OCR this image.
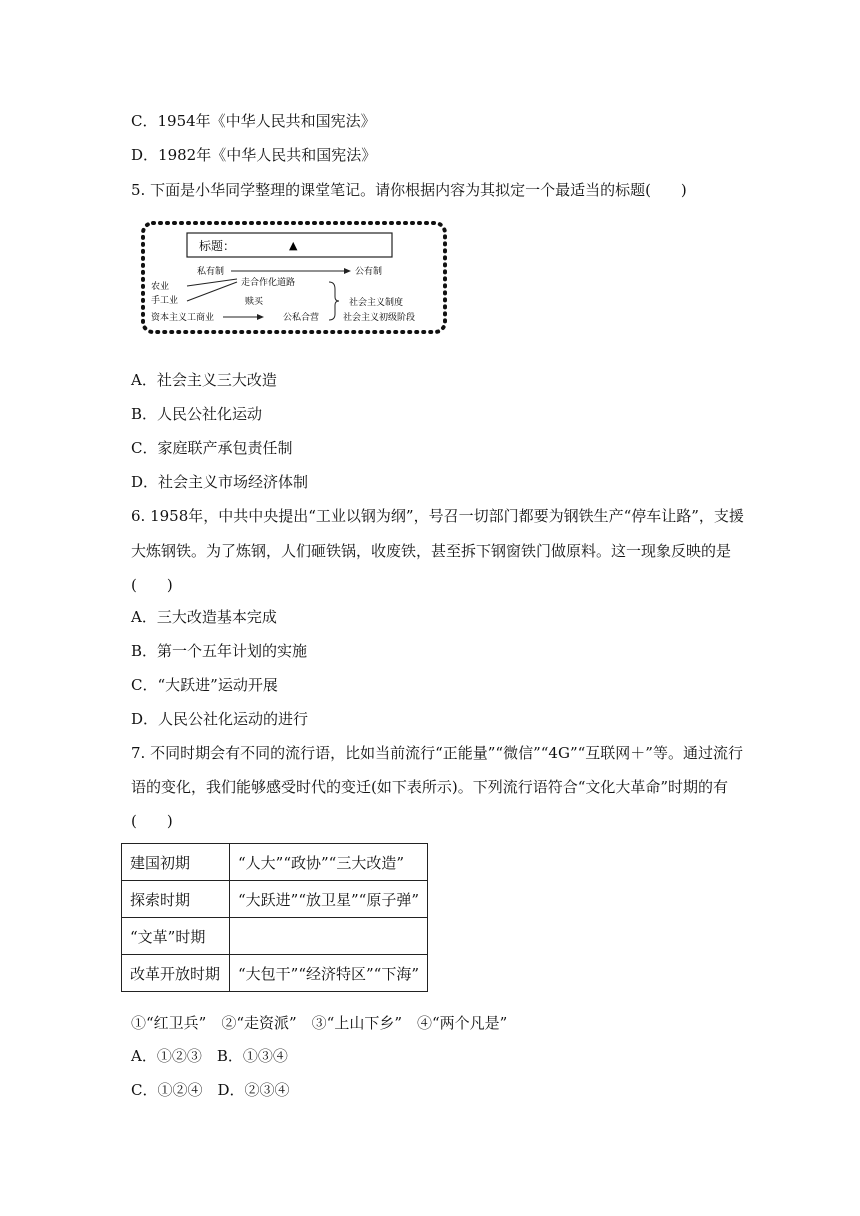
C．1954年《中华人民共和国宪法》
D．1982年《中华人民共和国宪法》
5. 下面是小华同学整理的课堂笔记。请你根据内容为其拟定一个最适当的标题(　　)
标题：	▲
私有制	公有制
农业
手工业
资本主义工商业
走合作化道路
赎买
公私合营
社会主义制度
社会主义初级阶段
A．社会主义三大改造
B．人民公社化运动
C．家庭联产承包责任制
D．社会主义市场经济体制
6. 1958年，中共中央提出“工业以钢为纲”，号召一切部门都要为钢铁生产“停车让路”，支援
大炼钢铁。为了炼钢，人们砸铁锅，收废铁，甚至拆下钢窗铁门做原料。这一现象反映的是
(　　)
A．三大改造基本完成
B．第一个五年计划的实施
C．“大跃进”运动开展
D．人民公社化运动的进行
7. 不同时期会有不同的流行语，比如当前流行“正能量”“微信”“4G”“互联网＋”等。通过流行
语的变化，我们能够感受时代的变迁(如下表所示)。下列流行语符合“文化大革命”时期的有
(　　)
建国初期	“人大”“政协”“三大改造”
探索时期	“大跃进”“放卫星”“原子弹”
“文革”时期	
改革开放时期	“大包干”“经济特区”“下海”
①“红卫兵”　②“走资派”　③“上山下乡”　④“两个凡是”
A．①②③　B．①③④
C．①②④　D．②③④
